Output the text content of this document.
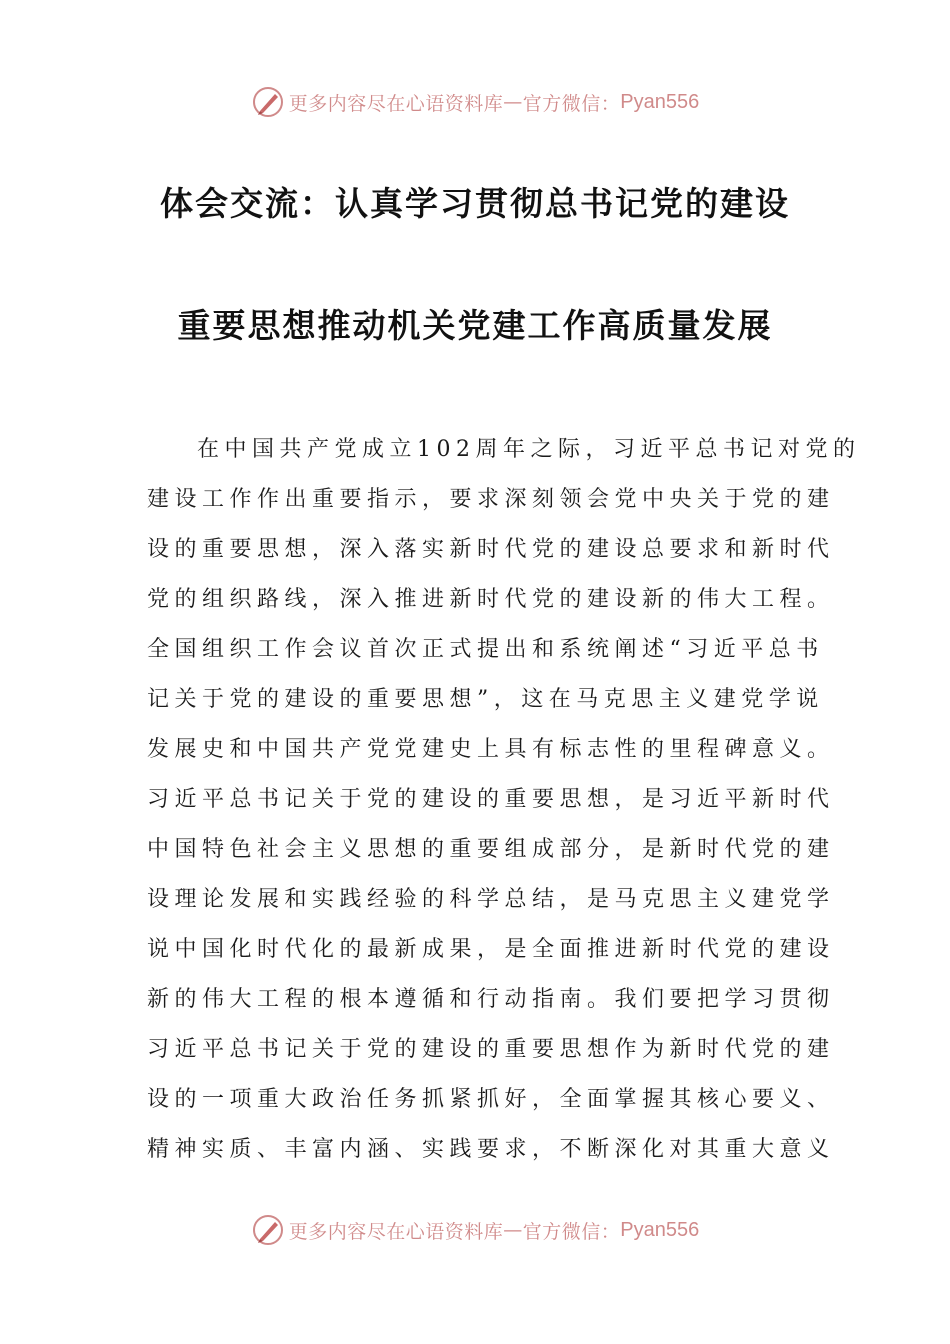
更多内容尽在心语资料库 — 官方微信： Pyan556
体会交流：认真学习贯彻总书记党的建设
重要思想推动机关党建工作高质量发展
在中国共产党成立102周年之际，习近平总书记对党的
建设工作作出重要指示，要求深刻领会党中央关于党的建
设的重要思想，深入落实新时代党的建设总要求和新时代
党的组织路线，深入推进新时代党的建设新的伟大工程。
全国组织工作会议首次正式提出和系统阐述“习近平总书
记关于党的建设的重要思想”，这在马克思主义建党学说
发展史和中国共产党党建史上具有标志性的里程碑意义。
习近平总书记关于党的建设的重要思想，是习近平新时代
中国特色社会主义思想的重要组成部分，是新时代党的建
设理论发展和实践经验的科学总结，是马克思主义建党学
说中国化时代化的最新成果，是全面推进新时代党的建设
新的伟大工程的根本遵循和行动指南。我们要把学习贯彻
习近平总书记关于党的建设的重要思想作为新时代党的建
设的一项重大政治任务抓紧抓好，全面掌握其核心要义、
精神实质、丰富内涵、实践要求，不断深化对其重大意义
更多内容尽在心语资料库 — 官方微信： Pyan556
